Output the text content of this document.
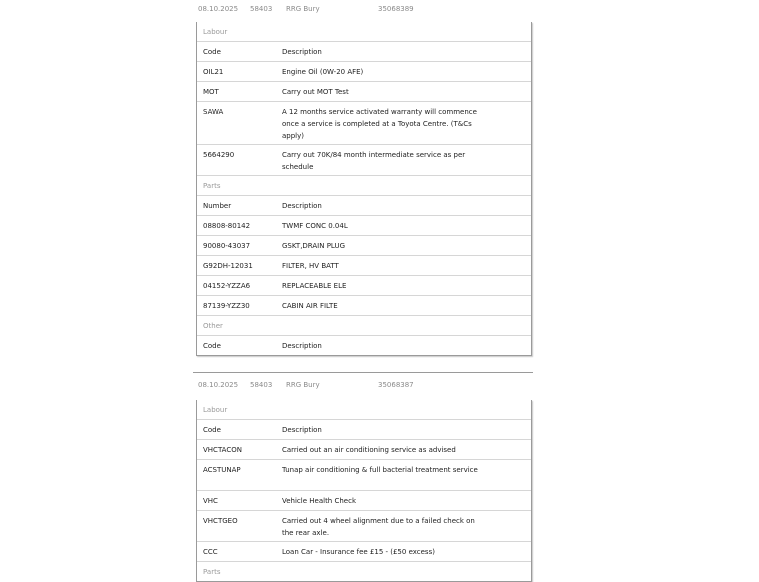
08.10.2025 58403 RRG Bury	35068389
Labour
Code	Description
OIL21	Engine Oil (0W-20 AFE)
MOT	Carry out MOT Test
SAWA	A 12 months service activated warranty will commence once a service is completed at a Toyota Centre. (T&Cs apply)
5664290	Carry out 70K/84 month intermediate service as per schedule
Parts
Number	Description
08808-80142	TWMF CONC 0.04L
90080-43037	GSKT,DRAIN PLUG
G92DH-12031	FILTER, HV BATT
04152-YZZA6	REPLACEABLE ELE
87139-YZZ30	CABIN AIR FILTE
Other
Code	Description
08.10.2025 58403 RRG Bury	35068387
Labour
Code	Description
VHCTACON	Carried out an air conditioning service as advised
ACSTUNAP	Tunap air conditioning & full bacterial treatment service
VHC	Vehicle Health Check
VHCTGEO	Carried out 4 wheel alignment due to a failed check on the rear axle.
CCC	Loan Car - Insurance fee £15 - (£50 excess)
Parts
